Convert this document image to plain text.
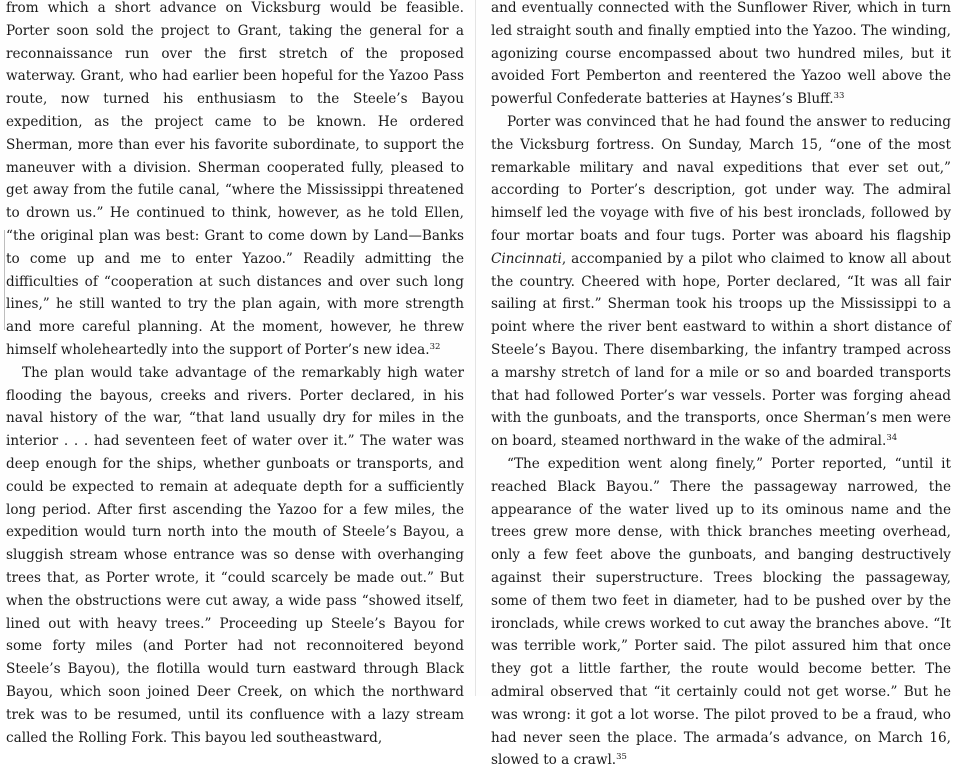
from which a short advance on Vicksburg would be feasible. Porter soon sold the project to Grant, taking the general for a reconnaissance run over the first stretch of the proposed waterway. Grant, who had earlier been hopeful for the Yazoo Pass route, now turned his enthusiasm to the Steele’s Bayou expedition, as the project came to be known. He ordered Sherman, more than ever his favorite subordinate, to support the maneuver with a division. Sherman cooperated fully, pleased to get away from the futile canal, “where the Mississippi threatened to drown us.” He continued to think, however, as he told Ellen, “the original plan was best: Grant to come down by Land—Banks to come up and me to enter Yazoo.” Readily admitting the difficulties of “cooperation at such distances and over such long lines,” he still wanted to try the plan again, with more strength and more careful planning. At the moment, however, he threw himself wholeheartedly into the support of Porter’s new idea.$^{32}$

The plan would take advantage of the remarkably high water flooding the bayous, creeks and rivers. Porter declared, in his naval history of the war, “that land usually dry for miles in the interior . . . had seventeen feet of water over it.” The water was deep enough for the ships, whether gunboats or transports, and could be expected to remain at adequate depth for a sufficiently long period. After first ascending the Yazoo for a few miles, the expedition would turn north into the mouth of Steele’s Bayou, a sluggish stream whose entrance was so dense with overhanging trees that, as Porter wrote, it “could scarcely be made out.” But when the obstructions were cut away, a wide pass “showed itself, lined out with heavy trees.” Proceeding up Steele’s Bayou for some forty miles (and Porter had not reconnoitered beyond Steele’s Bayou), the flotilla would turn eastward through Black Bayou, which soon joined Deer Creek, on which the northward trek was to be resumed, until its confluence with a lazy stream called the Rolling Fork. This bayou led southeastward,

and eventually connected with the Sunflower River, which in turn led straight south and finally emptied into the Yazoo. The winding, agonizing course encompassed about two hundred miles, but it avoided Fort Pemberton and reentered the Yazoo well above the powerful Confederate batteries at Haynes’s Bluff.$^{33}$

Porter was convinced that he had found the answer to reducing the Vicksburg fortress. On Sunday, March 15, “one of the most remarkable military and naval expeditions that ever set out,” according to Porter’s description, got under way. The admiral himself led the voyage with five of his best ironclads, followed by four mortar boats and four tugs. Porter was aboard his flagship Cincinnati, accompanied by a pilot who claimed to know all about the country. Cheered with hope, Porter declared, “It was all fair sailing at first.” Sherman took his troops up the Mississippi to a point where the river bent eastward to within a short distance of Steele’s Bayou. There disembarking, the infantry tramped across a marshy stretch of land for a mile or so and boarded transports that had followed Porter’s war vessels. Porter was forging ahead with the gunboats, and the transports, once Sherman’s men were on board, steamed northward in the wake of the admiral.$^{34}$

“The expedition went along finely,” Porter reported, “until it reached Black Bayou.” There the passageway narrowed, the appearance of the water lived up to its ominous name and the trees grew more dense, with thick branches meeting overhead, only a few feet above the gunboats, and banging destructively against their superstructure. Trees blocking the passageway, some of them two feet in diameter, had to be pushed over by the ironclads, while crews worked to cut away the branches above. “It was terrible work,” Porter said. The pilot assured him that once they got a little farther, the route would become better. The admiral observed that “it certainly could not get worse.” But he was wrong: it got a lot worse. The pilot proved to be a fraud, who had never seen the place. The armada’s advance, on March 16, slowed to a crawl.$^{35}$
